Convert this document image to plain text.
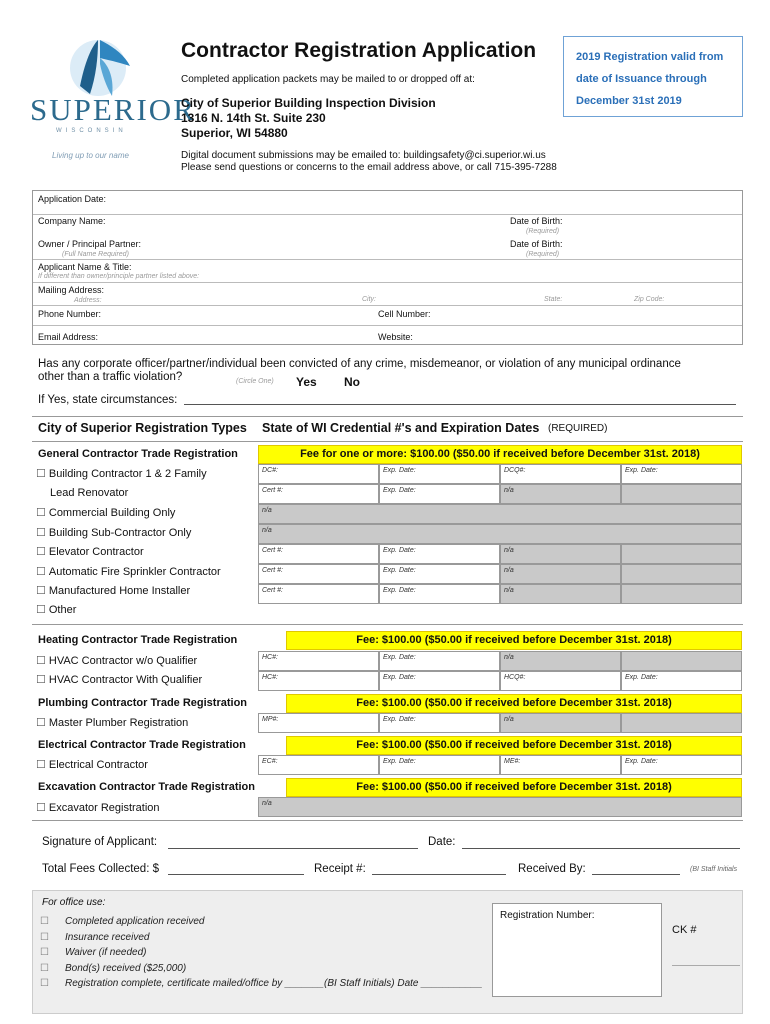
SUPERIOR
WISCONSIN
Living up to our name
Contractor Registration Application
Completed application packets may be mailed to or dropped off at:
City of Superior Building Inspection Division
1316 N. 14th St. Suite 230
Superior, WI 54880
Digital document submissions may be emailed to: buildingsafety@ci.superior.wi.us
Please send questions or concerns to the email address above, or call 715-395-7288
2019 Registration valid from
date of Issuance through
December 31st 2019
Application Date:
Company Name:	Date of Birth:
(Required)
Owner / Principal Partner:
(Full Name Required)
Date of Birth:
(Required)
Applicant Name & Title:
If different than owner/principle partner listed above:
Mailing Address:
Address:	City:	State:	Zip Code:
Phone Number:	Cell Number:
Email Address:	Website:
Has any corporate officer/partner/individual been convicted of any crime, misdemeanor, or violation of any municipal ordinance
other than a traffic violation?	(Circle One) Yes No
If Yes, state circumstances:
City of Superior Registration Types State of WI Credential #'s and Expiration Dates (REQUIRED)
General Contractor Trade Registration	Fee for one or more: $100.00 ($50.00 if received before December 31st. 2018)
☐ Building Contractor 1 & 2 Family	DC#:	Exp. Date:	DCQ#:	Exp. Date:
Lead Renovator	Cert #:	Exp. Date:	n/a
☐ Commercial Building Only	n/a
☐ Building Sub-Contractor Only	n/a
☐ Elevator Contractor	Cert #:	Exp. Date:	n/a
☐ Automatic Fire Sprinkler Contractor	Cert #:	Exp. Date:	n/a
☐ Manufactured Home Installer	Cert #:	Exp. Date:	n/a
☐ Other
Heating Contractor Trade Registration	Fee: $100.00 ($50.00 if received before December 31st. 2018)
☐ HVAC Contractor w/o Qualifier	HC#:	Exp. Date:	n/a
☐ HVAC Contractor With Qualifier	HC#:	Exp. Date:	HCQ#:	Exp. Date:
Plumbing Contractor Trade Registration	Fee: $100.00 ($50.00 if received before December 31st. 2018)
☐ Master Plumber Registration	MP#:	Exp. Date:	n/a
Electrical Contractor Trade Registration	Fee: $100.00 ($50.00 if received before December 31st. 2018)
☐ Electrical Contractor	EC#:	Exp. Date:	ME#:	Exp. Date:
Excavation Contractor Trade Registration	Fee: $100.00 ($50.00 if received before December 31st. 2018)
☐ Excavator Registration	n/a
Signature of Applicant:	Date:
Total Fees Collected: $	Receipt #:	Received By:	(BI Staff Initials
For office use:
☐ Completed application received
☐ Insurance received
☐ Waiver (if needed)
☐ Bond(s) received ($25,000)
☐ Registration complete, certificate mailed/office by _______(BI Staff Initials) Date ___________
Registration Number:
CK #
